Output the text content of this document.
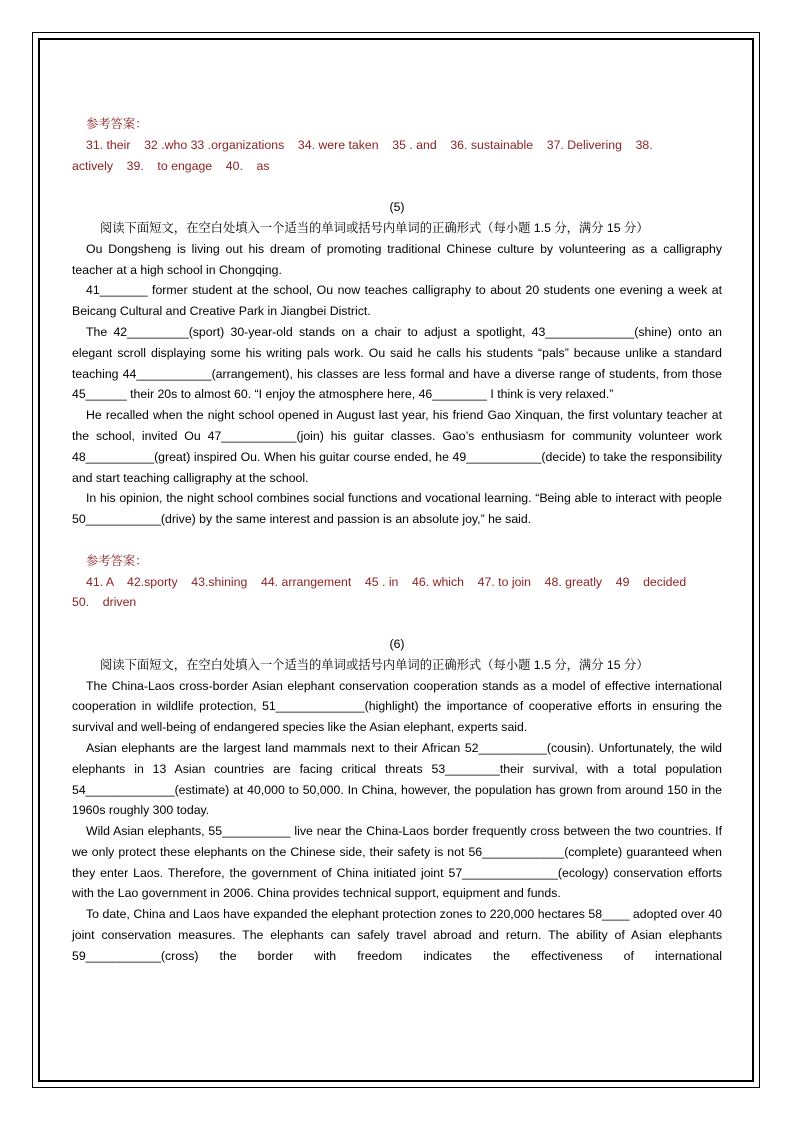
参考答案：

31. their    32 .who 33 .organizations    34. were taken    35 . and    36. sustainable    37. Delivering    38.

actively    39.    to engage    40.    as

(5)

阅读下面短文，在空白处填入一个适当的单词或括号内单词的正确形式（每小题 1.5 分，满分 15 分）

Ou Dongsheng is living out his dream of promoting traditional Chinese culture by volunteering as a calligraphy teacher at a high school in Chongqing.

41_______ former student at the school, Ou now teaches calligraphy to about 20 students one evening a week at Beicang Cultural and Creative Park in Jiangbei District.

The 42_________(sport) 30-year-old stands on a chair to adjust a spotlight, 43_____________(shine) onto an elegant scroll displaying some his writing pals work. Ou said he calls his students “pals” because unlike a standard teaching 44___________(arrangement), his classes are less formal and have a diverse range of students, from those 45______ their 20s to almost 60. “I enjoy the atmosphere here, 46________ I think is very relaxed.”

He recalled when the night school opened in August last year, his friend Gao Xinquan, the first voluntary teacher at the school, invited Ou 47___________(join) his guitar classes. Gao’s enthusiasm for community volunteer work 48__________(great) inspired Ou. When his guitar course ended, he 49___________(decide) to take the responsibility and start teaching calligraphy at the school.

In his opinion, the night school combines social functions and vocational learning. “Being able to interact with people 50___________(drive) by the same interest and passion is an absolute joy,” he said.

参考答案：

41. A    42.sporty    43.shining    44. arrangement    45 . in    46. which    47. to join    48. greatly    49    decided

50.    driven

(6)

阅读下面短文，在空白处填入一个适当的单词或括号内单词的正确形式（每小题 1.5 分，满分 15 分）

The China-Laos cross-border Asian elephant conservation cooperation stands as a model of effective international cooperation in wildlife protection, 51_____________(highlight) the importance of cooperative efforts in ensuring the survival and well-being of endangered species like the Asian elephant, experts said.

Asian elephants are the largest land mammals next to their African 52__________(cousin). Unfortunately, the wild elephants in 13 Asian countries are facing critical threats 53________their survival, with a total population 54_____________(estimate) at 40,000 to 50,000. In China, however, the population has grown from around 150 in the 1960s roughly 300 today.

Wild Asian elephants, 55__________ live near the China-Laos border frequently cross between the two countries. If we only protect these elephants on the Chinese side, their safety is not 56____________(complete) guaranteed when they enter Laos. Therefore, the government of China initiated joint 57______________(ecology) conservation efforts with the Lao government in 2006. China provides technical support, equipment and funds.

To date, China and Laos have expanded the elephant protection zones to 220,000 hectares 58____ adopted over 40 joint conservation measures. The elephants can safely travel abroad and return. The ability of Asian elephants 59___________(cross) the border with freedom indicates the effectiveness of international
